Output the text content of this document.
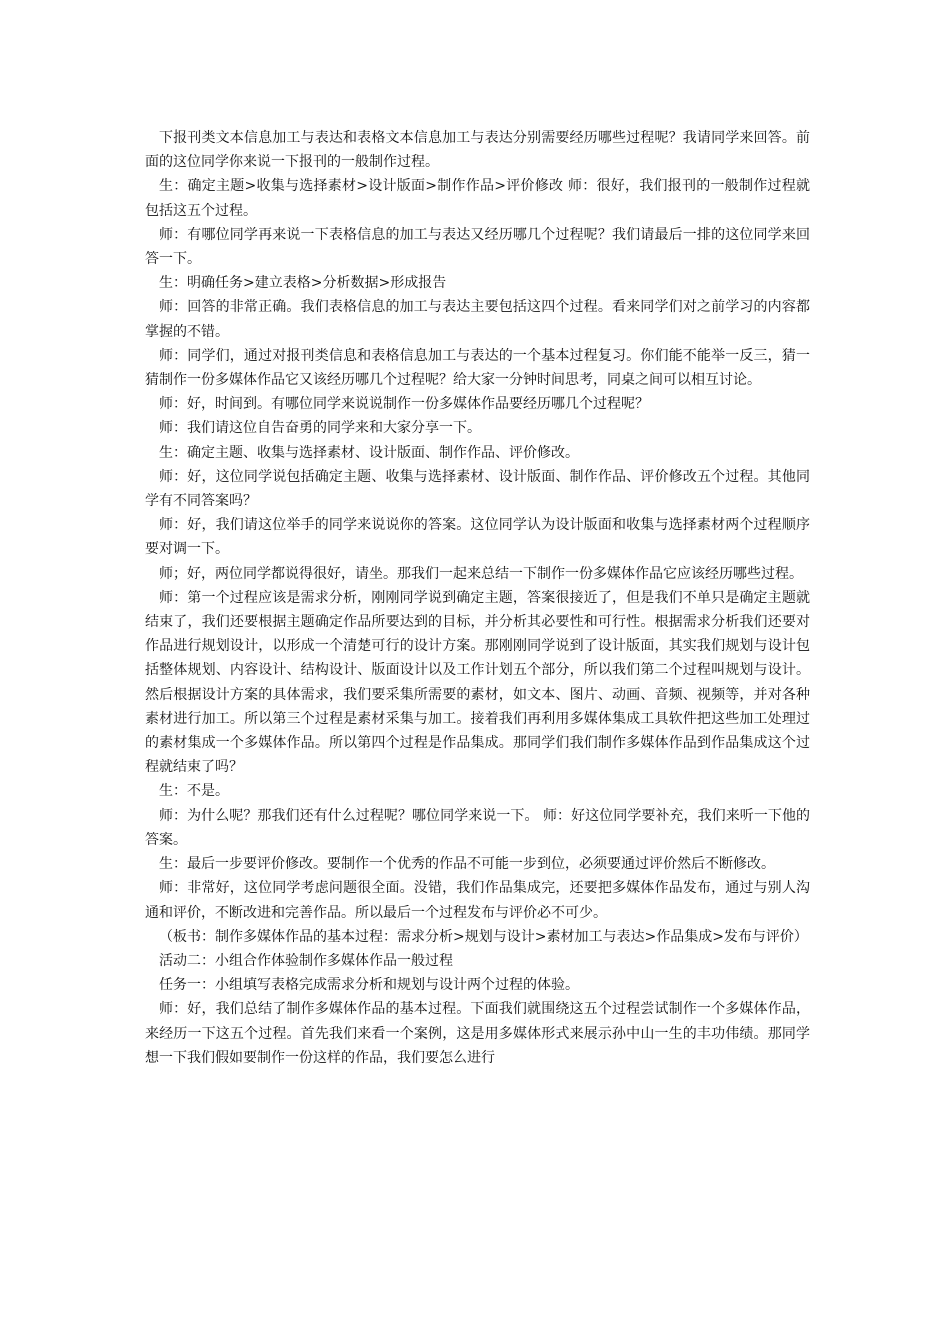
下报刊类文本信息加工与表达和表格文本信息加工与表达分别需要经历哪些过程呢？我请同学来回答。前面的这位同学你来说一下报刊的一般制作过程。

生：确定主题>收集与选择素材>设计版面>制作作品>评价修改 师：很好，我们报刊的一般制作过程就包括这五个过程。

师：有哪位同学再来说一下表格信息的加工与表达又经历哪几个过程呢？我们请最后一排的这位同学来回答一下。

生：明确任务>建立表格>分析数据>形成报告

师：回答的非常正确。我们表格信息的加工与表达主要包括这四个过程。看来同学们对之前学习的内容都掌握的不错。

师：同学们，通过对报刊类信息和表格信息加工与表达的一个基本过程复习。你们能不能举一反三，猜一猜制作一份多媒体作品它又该经历哪几个过程呢？给大家一分钟时间思考，同桌之间可以相互讨论。

师：好，时间到。有哪位同学来说说制作一份多媒体作品要经历哪几个过程呢？

师：我们请这位自告奋勇的同学来和大家分享一下。

生：确定主题、收集与选择素材、设计版面、制作作品、评价修改。

师：好，这位同学说包括确定主题、收集与选择素材、设计版面、制作作品、评价修改五个过程。其他同学有不同答案吗？

师：好，我们请这位举手的同学来说说你的答案。这位同学认为设计版面和收集与选择素材两个过程顺序要对调一下。

师；好，两位同学都说得很好，请坐。那我们一起来总结一下制作一份多媒体作品它应该经历哪些过程。

师：第一个过程应该是需求分析，刚刚同学说到确定主题，答案很接近了，但是我们不单只是确定主题就结束了，我们还要根据主题确定作品所要达到的目标，并分析其必要性和可行性。根据需求分析我们还要对作品进行规划设计，以形成一个清楚可行的设计方案。那刚刚同学说到了设计版面，其实我们规划与设计包括整体规划、内容设计、结构设计、版面设计以及工作计划五个部分，所以我们第二个过程叫规划与设计。然后根据设计方案的具体需求，我们要采集所需要的素材，如文本、图片、动画、音频、视频等，并对各种素材进行加工。所以第三个过程是素材采集与加工。接着我们再利用多媒体集成工具软件把这些加工处理过的素材集成一个多媒体作品。所以第四个过程是作品集成。那同学们我们制作多媒体作品到作品集成这个过程就结束了吗？

生：不是。

师：为什么呢？那我们还有什么过程呢？哪位同学来说一下。 师：好这位同学要补充，我们来听一下他的答案。

生：最后一步要评价修改。要制作一个优秀的作品不可能一步到位，必须要通过评价然后不断修改。

师：非常好，这位同学考虑问题很全面。没错，我们作品集成完，还要把多媒体作品发布，通过与别人沟通和评价，不断改进和完善作品。所以最后一个过程发布与评价必不可少。

（板书：制作多媒体作品的基本过程：需求分析>规划与设计>素材加工与表达>作品集成>发布与评价）

活动二：小组合作体验制作多媒体作品一般过程

任务一：小组填写表格完成需求分析和规划与设计两个过程的体验。

师：好，我们总结了制作多媒体作品的基本过程。下面我们就围绕这五个过程尝试制作一个多媒体作品，来经历一下这五个过程。首先我们来看一个案例，这是用多媒体形式来展示孙中山一生的丰功伟绩。那同学想一下我们假如要制作一份这样的作品，我们要怎么进行
